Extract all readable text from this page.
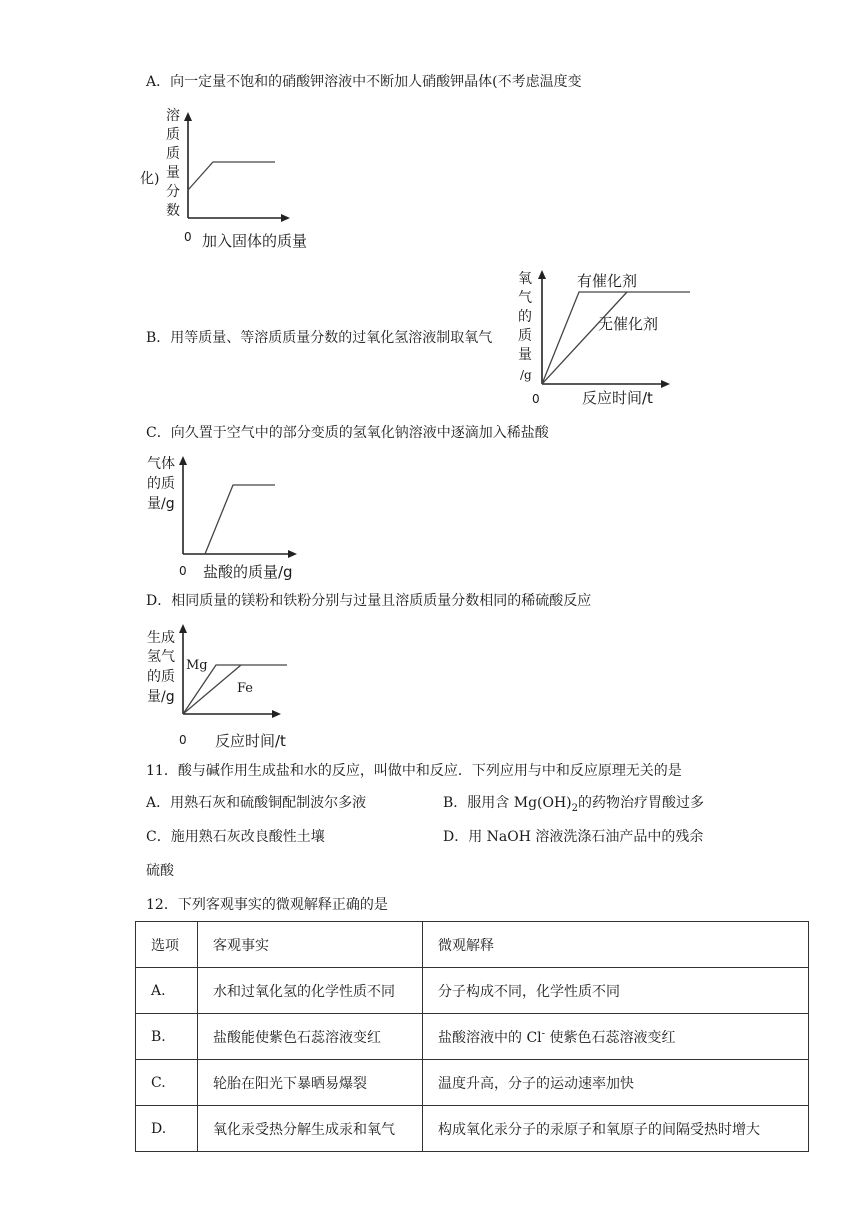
A．向一定量不饱和的硝酸钾溶液中不断加人硝酸钾晶体(不考虑温度变
化)
溶
质
质
量
分
数
0 加入固体的质量
B．用等质量、等溶质质量分数的过氧化氢溶液制取氧气
氧
气
的
质
量
/g
有催化剂
无催化剂
0	反应时间/t
C．向久置于空气中的部分变质的氢氧化钠溶液中逐滴加入稀盐酸
气体
的质
量/g
0 盐酸的质量/g
D．相同质量的镁粉和铁粉分别与过量且溶质质量分数相同的稀硫酸反应
生成
氢气
的质
量/g
Mg
Fe
0 反应时间/t
11．酸与碱作用生成盐和水的反应，叫做中和反应．下列应用与中和反应原理无关的是
A．用熟石灰和硫酸铜配制波尔多液	B．服用含 $Mg(OH)_2$的药物治疗胃酸过多
C．施用熟石灰改良酸性土壤	D．用 NaOH 溶液洗涤石油产品中的残余
硫酸
12．下列客观事实的微观解释正确的是
选项	客观事实	微观解释
A.	水和过氧化氢的化学性质不同	分子构成不同，化学性质不同
B.	盐酸能使紫色石蕊溶液变红	盐酸溶液中的 Cl- 使紫色石蕊溶液变红
C.	轮胎在阳光下暴晒易爆裂	温度升高，分子的运动速率加快
D.	氧化汞受热分解生成汞和氧气	构成氧化汞分子的汞原子和氧原子的间隔受热时增大
